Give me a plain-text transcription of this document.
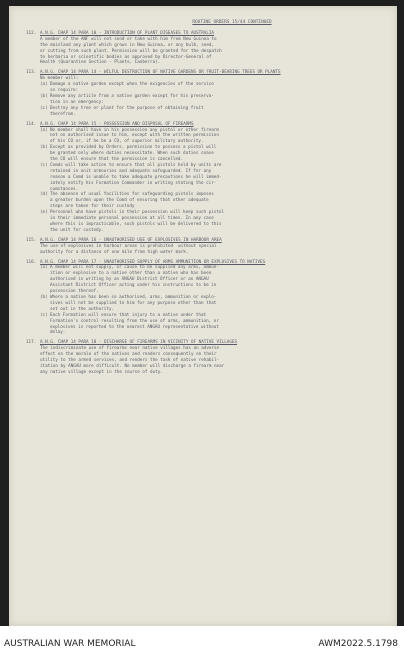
ROUTINE ORDERS 15/44 CONTINUED
112. A.N.G. CHAP 14 PARA 10 - INTRODUCTION OF PLANT DISEASES TO AUSTRALIA
A member of the ANF will not send or take with him from New Guinea to
the mainland any plant which grows in New Guinea, or any bulb, seed,
or cutting from such plant. Permission will be granted for the despatch
to herbaria or scientific bodies as approved by Director-General of
Health (Quarantine Section - Plants, Canberra).
113. A.N.G. CHAP 14 PARA 14 - WILFUL DESTRUCTION OF NATIVE GARDENS OR FRUIT-BEARING TREES OR PLANTS
No member will:
(a) Damage a native garden except when the exigencies of the service
so require:
(b) Remove any article from a native garden except for his preserva-
tion in an emergency:
(c) Destroy any tree or plant for the purpose of obtaining fruit
therefrom.
114. A.N.G. CHAP 14 PARA 15 - POSSESSION AND DISPOSAL OF FIREARMS
(a) No member shall have in his possession any pistol or other firearm
not on authorised issue to him, except with the written permission
of his CO or, if he be a CO, of superior military authority.
(b) Except as provided by Orders, permission to possess a pistol will
be granted only where duties necessitate. When such duties cease
the CO will ensure that the permission is cancelled.
(c) Comds will take action to ensure that all pistols held by units are
retained in unit armouries and adequate safeguarded. If for any
reason a Comd is unable to take adequate precautions he will immed-
iately notify his Formation Commander in writing stating the cir-
cumstances.
(d) The absence of usual facilities for safeguarding pistols imposes
a greater burden upon the Comd of ensuring that other adequate
steps are taken for their custody
(e) Personnel who have pistols in their possession will keep such pistol
in their immediate personal possession at all times. In any case
where this is impracticable, such pistols will be delivered to this
the unit for custody.
115. A.N.G. CHAP 14 PARA 16 - UNAUTHORISED USE OF EXPLOSIVES IN HARBOUR AREA
The use of explosives in harbour areas is prohibited  without special
authority for a distance of one mile from high water mark.
116. A.N.G. CHAP 14 PARA 17 - UNAUTHORISED SUPPLY OF ARMS AMMUNITION OR EXPLOSIVES TO NATIVES
(a) A member will not supply, or cause to be supplied any arms, ammun-
ition or explosive to a native other than a native who has been
authorised in writing by an ANGAU District Officer or an ANGAU
Assistant District Officer acting under his instructions to be in
possession thereof.
(b) Where a native has been so authorised, arms, ammunition or explo-
sives will not be supplied to him for any purpose other than that
set out in the authority.
(c) Each Formation will ensure that injury to a native under that
Formation's control resulting from the use of arms, ammunition, or
explosives is reported to the nearest ANGAU representative without
delay.
117. A.N.G. CHAP 14 PARA 18 - DISCHARGE OF FIREARMS IN VICINITY OF NATIVE VILLAGES
The indiscriminate use of firearms near native villages has an adverse
effect on the morale of the natives and renders consequently on their
utility to the armed services, and renders the task of native rehabil-
itation by ANGAU more difficult. No member will discharge a firearm near
any native village except in the course of duty.
AUSTRALIAN WAR MEMORIAL	AWM2022.5.1798
